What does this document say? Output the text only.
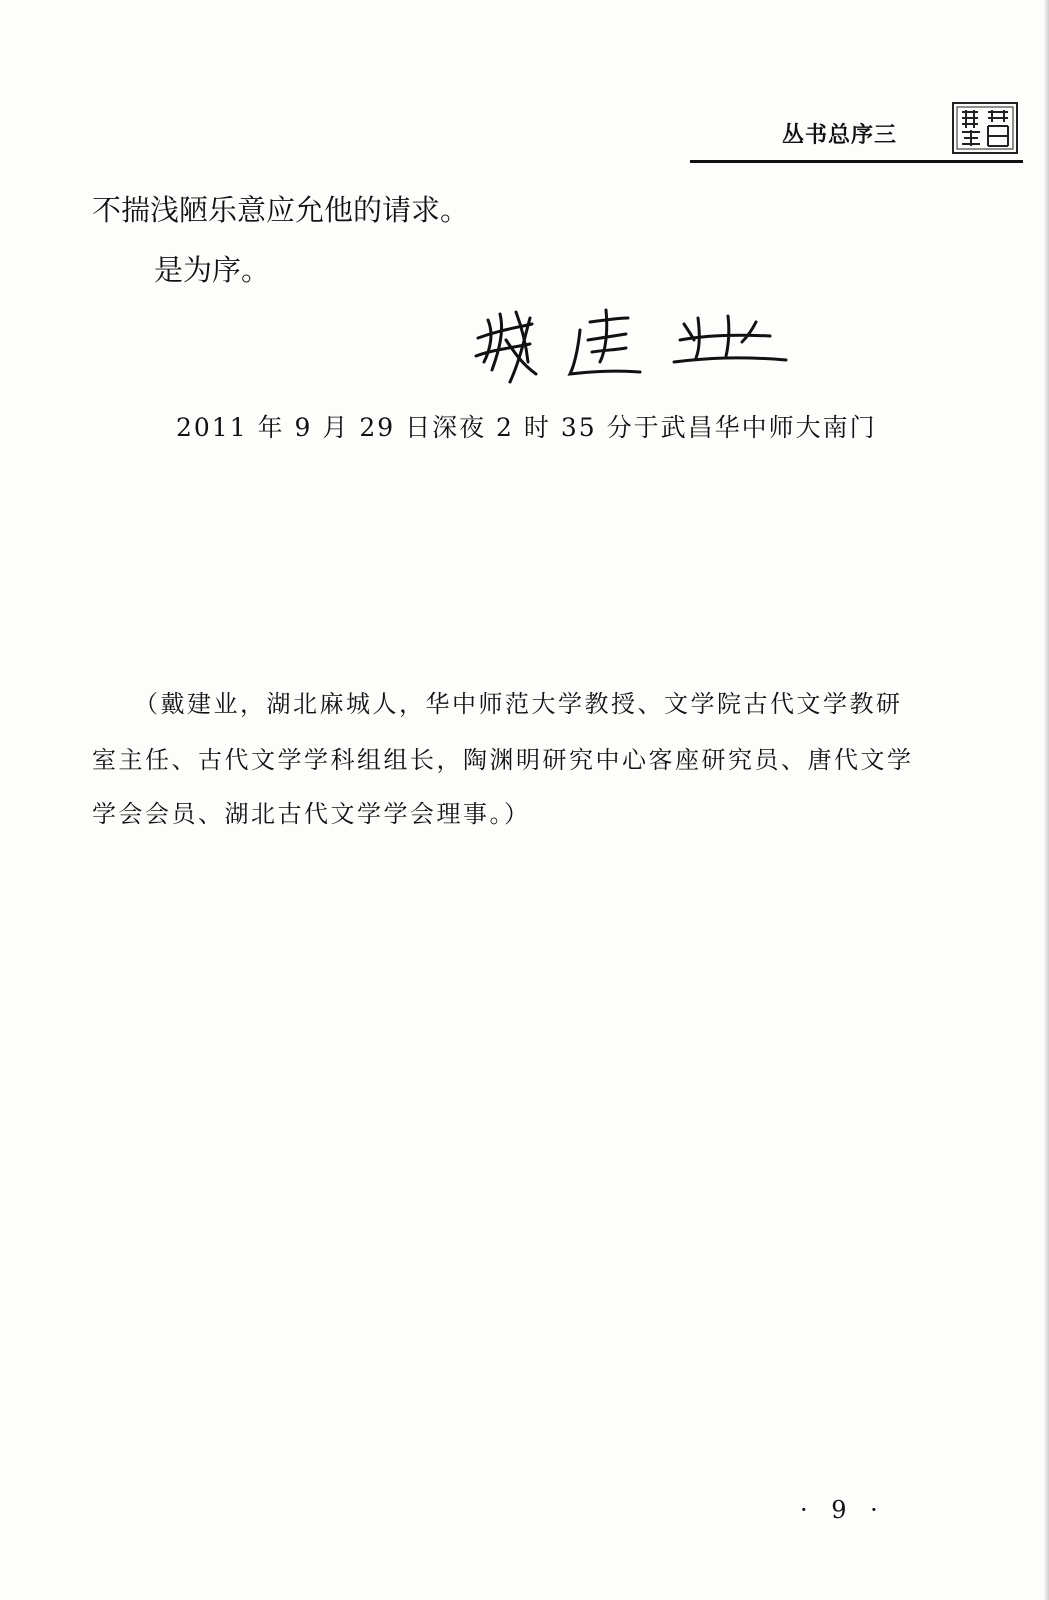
丛书总序三
不揣浅陋乐意应允他的请求。
是为序。
2011 年 9 月 29 日深夜 2 时 35 分于武昌华中师大南门
（戴建业，湖北麻城人，华中师范大学教授、文学院古代文学教研
室主任、古代文学学科组组长，陶渊明研究中心客座研究员、唐代文学
学会会员、湖北古代文学学会理事。）
· 9 ·
